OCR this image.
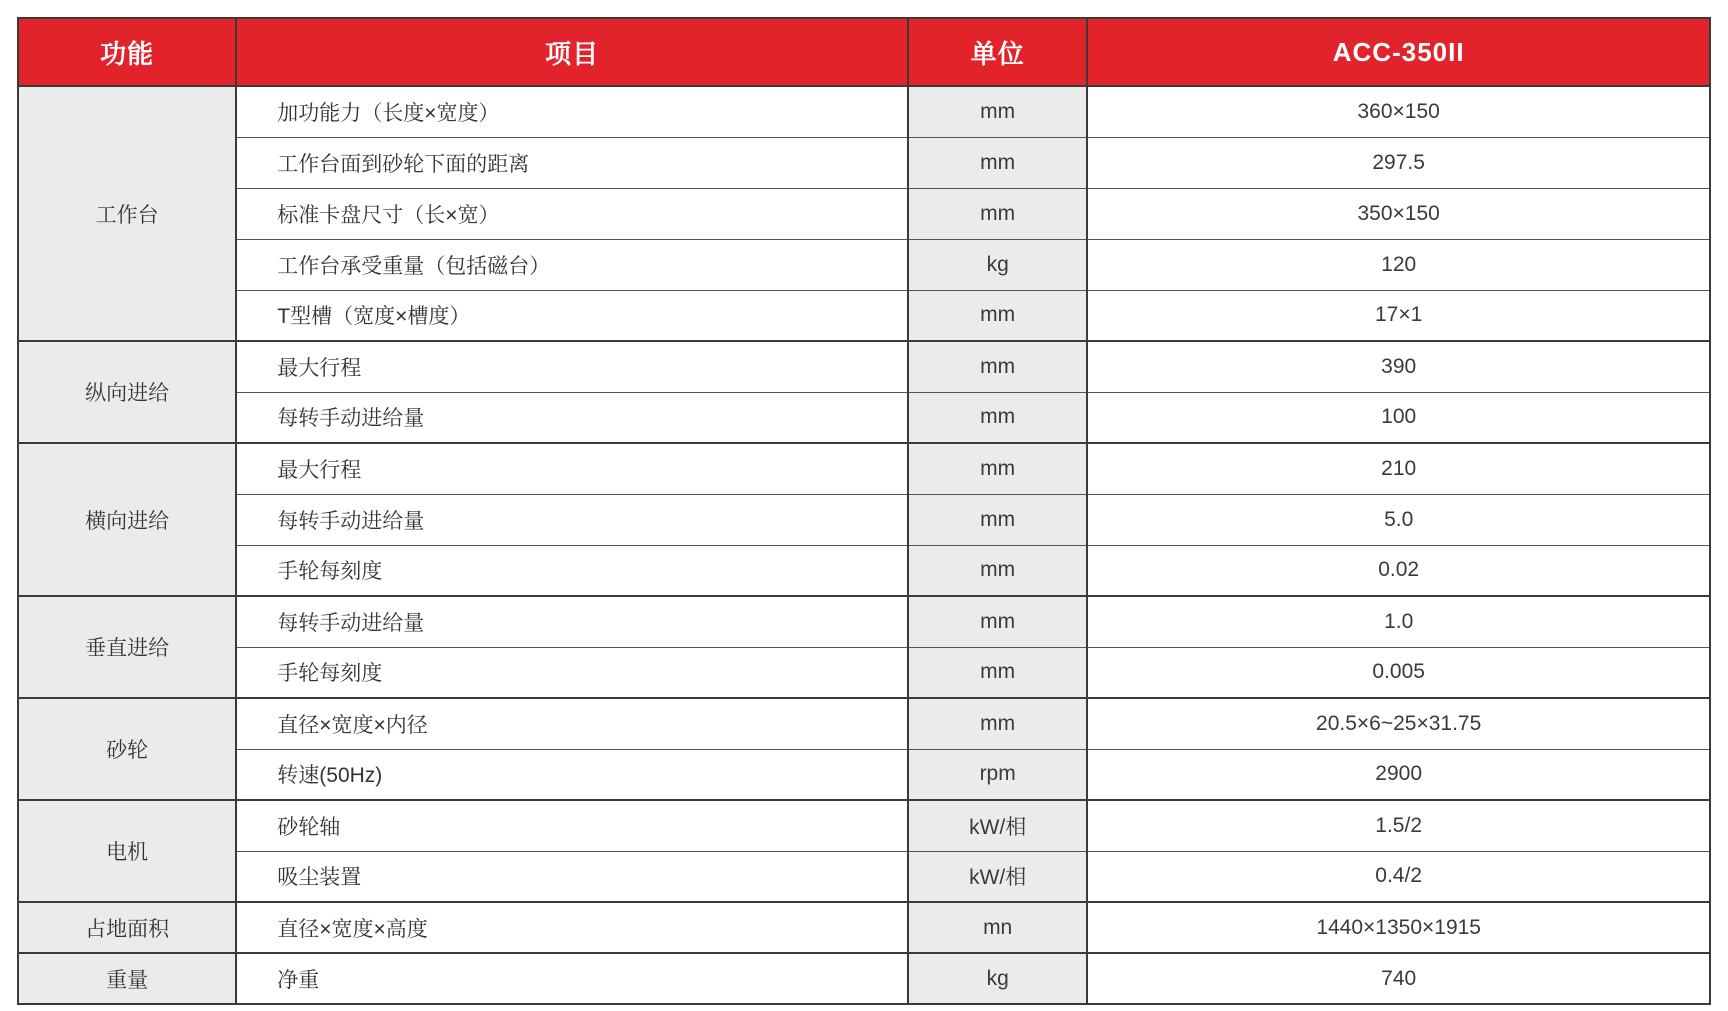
功能	项目	单位	ACC-350II
工作台	加功能力（长度×宽度）	mm	360×150
	工作台面到砂轮下面的距离	mm	297.5
	标准卡盘尺寸（长×宽）	mm	350×150
	工作台承受重量（包括磁台）	kg	120
	T型槽（宽度×槽度）	mm	17×1
纵向进给	最大行程	mm	390
	每转手动进给量	mm	100
横向进给	最大行程	mm	210
	每转手动进给量	mm	5.0
	手轮每刻度	mm	0.02
垂直进给	每转手动进给量	mm	1.0
	手轮每刻度	mm	0.005
砂轮	直径×宽度×内径	mm	20.5×6~25×31.75
	转速(50Hz)	rpm	2900
电机	砂轮轴	kW/相	1.5/2
	吸尘装置	kW/相	0.4/2
占地面积	直径×宽度×高度	mn	1440×1350×1915
重量	净重	kg	740
